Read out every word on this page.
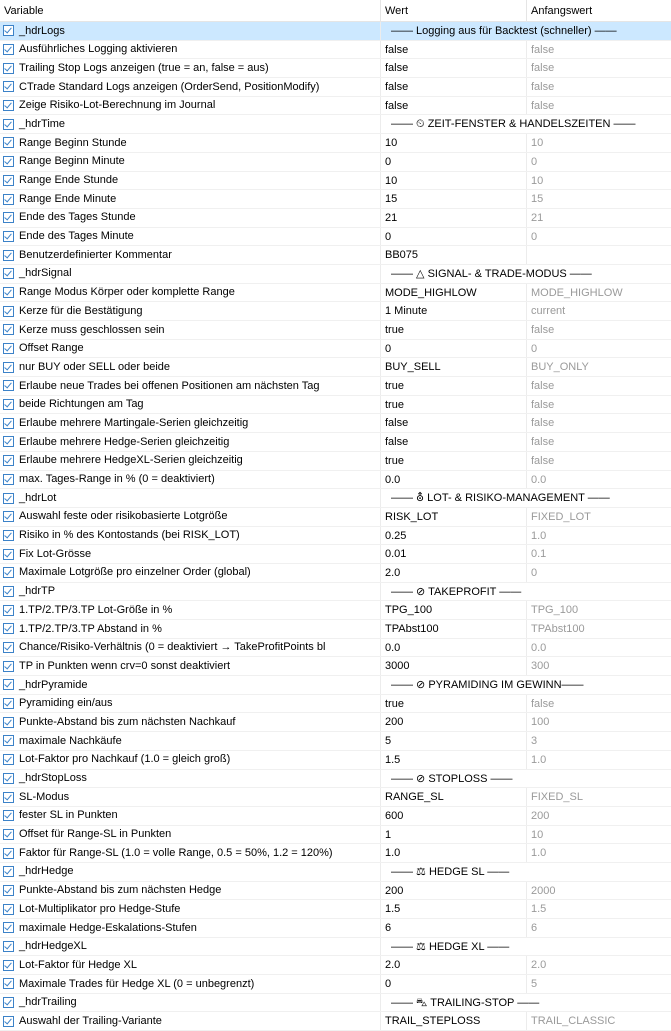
Variable	Wert	Anfangswert
_hdrLogs	—— Logging aus für Backtest (schneller) ——
Ausführliches Logging aktivieren	false	false
Trailing Stop Logs anzeigen (true = an, false = aus)	false	false
CTrade Standard Logs anzeigen (OrderSend, PositionModify)	false	false
Zeige Risiko-Lot-Berechnung im Journal	false	false
_hdrTime	—— ⏲ ZEIT-FENSTER & HANDELSZEITEN ——
Range Beginn Stunde	10	10
Range Beginn Minute	0	0
Range Ende Stunde	10	10
Range Ende Minute	15	15
Ende des Tages Stunde	21	21
Ende des Tages Minute	0	0
Benutzerdefinierter Kommentar	BB075
_hdrSignal	—— △ SIGNAL- & TRADE-MODUS ——
Range Modus Körper oder komplette Range	MODE_HIGHLOW	MODE_HIGHLOW
Kerze für die Bestätigung	1 Minute	current
Kerze muss geschlossen sein	true	false
Offset Range	0	0
nur BUY oder SELL oder beide	BUY_SELL	BUY_ONLY
Erlaube neue Trades bei offenen Positionen am nächsten Tag	true	false
beide Richtungen am Tag	true	false
Erlaube mehrere Martingale-Serien gleichzeitig	false	false
Erlaube mehrere Hedge-Serien gleichzeitig	false	false
Erlaube mehrere HedgeXL-Serien gleichzeitig	true	false
max. Tages-Range in % (0 = deaktiviert)	0.0	0.0
_hdrLot	—— ⛢ LOT- & RISIKO-MANAGEMENT ——
Auswahl feste oder risikobasierte Lotgröße	RISK_LOT	FIXED_LOT
Risiko in % des Kontostands (bei RISK_LOT)	0.25	1.0
Fix Lot-Grösse	0.01	0.1
Maximale Lotgröße pro einzelner Order (global)	2.0	0
_hdrTP	—— ⊘ TAKEPROFIT ——
1.TP/2.TP/3.TP Lot-Größe in %	TPG_100	TPG_100
1.TP/2.TP/3.TP Abstand in %	TPAbst100	TPAbst100
Chance/Risiko-Verhältnis (0 = deaktiviert → TakeProfitPoints bl	0.0	0.0
TP in Punkten wenn crv=0 sonst deaktiviert	3000	300
_hdrPyramide	—— ⊘ PYRAMIDING IM GEWINN——
Pyramiding ein/aus	true	false
Punkte-Abstand bis zum nächsten Nachkauf	200	100
maximale Nachkäufe	5	3
Lot-Faktor pro Nachkauf (1.0 = gleich groß)	1.5	1.0
_hdrStopLoss	—— ⊘ STOPLOSS ——
SL-Modus	RANGE_SL	FIXED_SL
fester SL in Punkten	600	200
Offset für Range-SL in Punkten	1	10
Faktor für Range-SL (1.0 = volle Range, 0.5 = 50%, 1.2 = 120%)	1.0	1.0
_hdrHedge	—— ⚖ HEDGE SL ——
Punkte-Abstand bis zum nächsten Hedge	200	2000
Lot-Multiplikator pro Hedge-Stufe	1.5	1.5
maximale Hedge-Eskalations-Stufen	6	6
_hdrHedgeXL	—— ⚖ HEDGE XL ——
Lot-Faktor für Hedge XL	2.0	2.0
Maximale Trades für Hedge XL (0 = unbegrenzt)	0	5
_hdrTrailing	—— ⛍ TRAILING-STOP ——
Auswahl der Trailing-Variante	TRAIL_STEPLOSS	TRAIL_CLASSIC
